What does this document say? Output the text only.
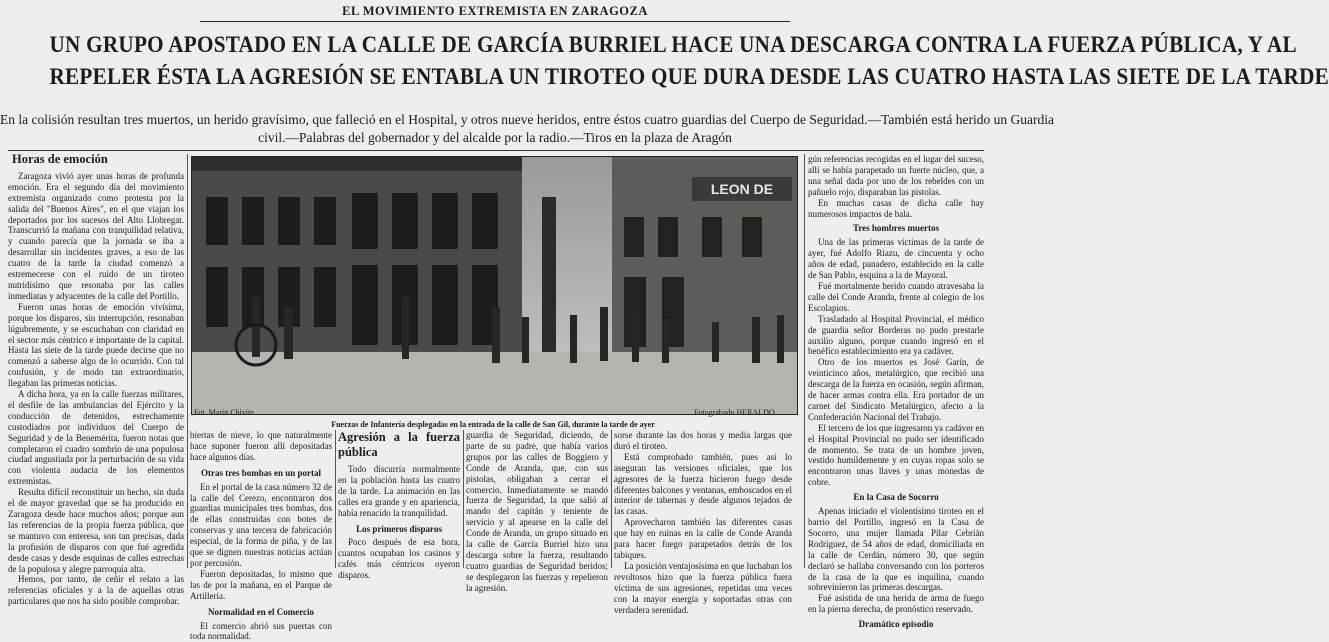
EL MOVIMIENTO EXTREMISTA EN ZARAGOZA
UN GRUPO APOSTADO EN LA CALLE DE GARCÍA BURRIEL HACE UNA DESCARGA CONTRA LA FUERZA PÚBLICA, Y AL
REPELER ÉSTA LA AGRESIÓN SE ENTABLA UN TIROTEO QUE DURA DESDE LAS CUATRO HASTA LAS SIETE DE LA TARDE
En la colisión resultan tres muertos, un herido gravísimo, que falleció en el Hospital, y otros nueve heridos, entre éstos cuatro guardias del Cuerpo de Seguridad.—También está herido un Guardia
civil.—Palabras del gobernador y del alcalde por la radio.—Tiros en la plaza de Aragón
Horas de emoción

Zaragoza vivió ayer unas horas de profunda emoción. Era el segundo día del movimiento extremista organizado como protesta por la salida del "Buenos Aires", en el que viajan los deportados por los sucesos del Alto Llobregat. Transcurrió la mañana con tranquilidad relativa, y cuando parecía que la jornada se iba a desarrollar sin incidentes graves, a eso de las cuatro de la tarde la ciudad comenzó a estremecerse con el ruido de un tiroteo nutridísimo que resonaba por las calles inmediatas y adyacentes de la calle del Portillo.

Fueron unas horas de emoción vivísima, porque los disparos, sin interrupción, resonaban lúgubremente, y se escuchaban con claridad en el sector más céntrico e importante de la capital. Hasta las siete de la tarde puede decirse que no comenzó a saberse algo de lo ocurrido. Con tal confusión, y de modo tan extraordinario, llegaban las primeras noticias.

A dicha hora, ya en la calle fuerzas militares, el desfile de las ambulancias del Ejército y la conducción de detenidos, estrechamente custodiados por individuos del Cuerpo de Seguridad y de la Benemérita, fueron notas que completaron el cuadro sombrío de una populosa ciudad angustiada por la perturbación de su vida con violenta audacia de los elementos extremistas.

Resulta difícil reconstituir un hecho, sin duda el de mayor gravedad que se ha producido en Zaragoza desde hace muchos años; porque aun las referencias de la propia fuerza pública, que se mantuvo con enteresa, son tan precisas, dada la profusión de disparos con que fué agredida desde casas y desde esquinas de calles estrechas de la populosa y alegre parroquia alta.

Hemos, por tanto, de ceñir el relato a las referencias oficiales y a la de aquellas otras particulares que nos ha sido posible comprobar.

LEON DE
Fuerzas de Infantería desplegadas en la entrada de la calle de San Gil, durante la tarde de ayer
Fot. Marín Chivite.	Fotograbado HERALDO.

biertas de nieve, lo que naturalmente hace suponer fueron allí depositadas hace algunos días.

Otras tres bombas en un portal

En el portal de la casa número 32 de la calle del Cerezo, encontraron dos guardias municipales tres bombas, dos de ellas construidas con botes de conservas y una tercera de fabricación especial, de la forma de piña, y de las que se dignen nuestras noticias actúan por percusión.

Fueron depositadas, lo mismo que las de por la mañana, en el Parque de Artillería.

Normalidad en el Comercio

El comercio abrió sus puertas con toda normalidad.

Agresión a la fuerza pública

Todo discurría normalmente en la población hasta las cuatro de la tarde. La animación en las calles era grande y en apariencia, había renacido la tranquilidad.

Los primeros disparos

Poco después de esa hora, cuantos ocupaban los casinos y cafés más céntricos oyeron disparos.

guardia de Seguridad, diciendo, de parte de su padre, que había varios grupos por las calles de Boggiero y Conde de Aranda, que, con sus pistolas, obligaban a cerrar el comercio. Inmediatamente se mandó fuerza de Seguridad, la que salió al mando del capitán y teniente de servicio y al apearse en la calle del Conde de Aranda, un grupo situado en la calle de García Burriel hizo una descarga sobre la fuerza, resultando cuatro guardias de Seguridad heridos; se desplegaron las fuerzas y repelieron la agresión.

sorse durante las dos horas y media largas que duró el tiroteo.

Está comprobado también, pues así lo aseguran las versiones oficiales, que los agresores de la fuerza hicieron fuego desde diferentes balcones y ventanas, emboscados en el interior de tabernas y desde algunos tejados de las casas.

Aprovecharon también las diferentes casas que hay en ruinas en la calle de Conde Aranda para hacer fuego parapetados detrás de los tabiques.

La posición ventajosísima en que luchaban los revoltosos hizo que la fuerza pública fuera víctima de sus agresiones, repetidas una veces con la mayor energía y soportadas otras con verdadera serenidad.

gún referencias recogidas en el lugar del suceso, allí se había parapetado un fuerte núcleo, que, a una señal dada por uno de los rebeldes con un pañuelo rojo, disparaban las pistolas.

En muchas casas de dicha calle hay numerosos impactos de bala.

Tres hombres muertos

Una de las primeras víctimas de la tarde de ayer, fué Adolfo Riazu, de cincuenta y ocho años de edad, panadero, establecido en la calle de San Pablo, esquina a la de Mayoral.

Fué mortalmente herido cuando atravesaba la calle del Conde Aranda, frente al colegio de los Escolapios.

Trasladado al Hospital Provincial, el médico de guardia señor Borderas no pudo prestarle auxilio alguno, porque cuando ingresó en el benéfico establecimiento era ya cadáver.

Otro de los muertos es José Garín, de veinticinco años, metalúrgico, que recibió una descarga de la fuerza en ocasión, según afirman, de hacer armas contra ella. Era portador de un carnet del Sindicato Metalúrgico, afecto a la Confederación Nacional del Trabajo.

El tercero de los que ingresaron ya cadáver en el Hospital Provincial no pudo ser identificado de momento. Se trata de un hombre joven, vestido humildemente y en cuyas ropas solo se encontraron unas llaves y unas monedas de cobre.

En la Casa de Socorro

Apenas iniciado el violentísimo tiroteo en el barrio del Portillo, ingresó en la Casa de Socorro, una mujer llamada Pilar Cebrián Rodríguez, de 54 años de edad, domiciliada en la calle de Cerdán, número 30, que según declaró se hallaba conversando con los porteros de la casa de la que es inquilina, cuando sobrevinieron las primeras descargas.

Fué asistida de una herida de arma de fuego en la pierna derecha, de pronóstico reservado.

Dramático episodio
